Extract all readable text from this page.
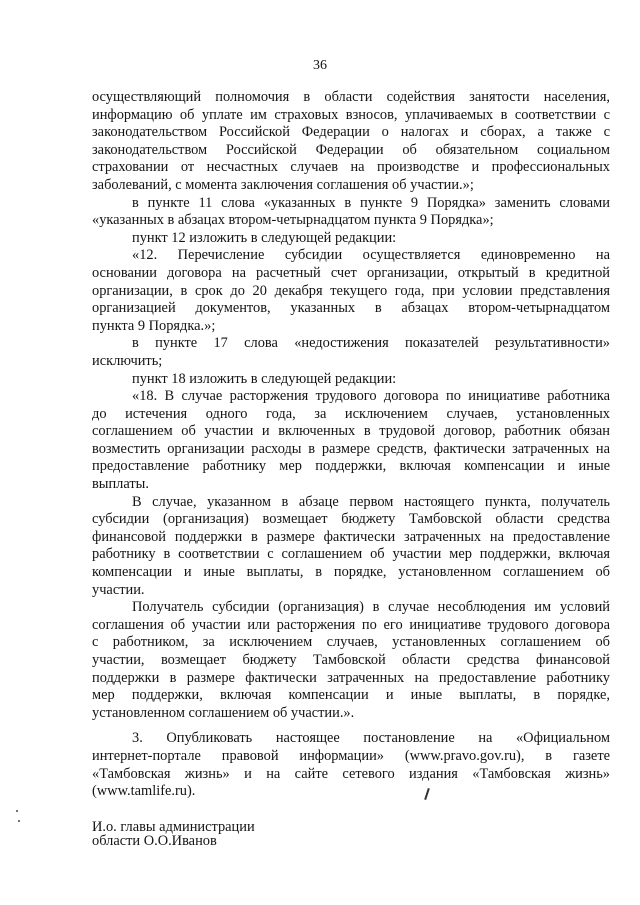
36
осуществляющий полномочия в области содействия занятости населения,
информацию об уплате им страховых взносов, уплачиваемых в соответствии с
законодательством Российской Федерации о налогах и сборах, а также с
законодательством Российской Федерации об обязательном социальном
страховании от несчастных случаев на производстве и профессиональных
заболеваний, с момента заключения соглашения об участии.»;
в пункте 11 слова «указанных в пункте 9 Порядка» заменить словами
«указанных в абзацах втором-четырнадцатом пункта 9 Порядка»;
пункт 12 изложить в следующей редакции:
«12. Перечисление субсидии осуществляется единовременно на
основании договора на расчетный счет организации, открытый в кредитной
организации, в срок до 20 декабря текущего года, при условии представления
организацией документов, указанных в абзацах втором-четырнадцатом
пункта 9 Порядка.»;
в пункте 17 слова «недостижения показателей результативности»
исключить;
пункт 18 изложить в следующей редакции:
«18. В случае расторжения трудового договора по инициативе работника
до истечения одного года, за исключением случаев, установленных
соглашением об участии и включенных в трудовой договор, работник обязан
возместить организации расходы в размере средств, фактически затраченных на
предоставление работнику мер поддержки, включая компенсации и иные
выплаты.
В случае, указанном в абзаце первом настоящего пункта, получатель
субсидии (организация) возмещает бюджету Тамбовской области средства
финансовой поддержки в размере фактически затраченных на предоставление
работнику в соответствии с соглашением об участии мер поддержки, включая
компенсации и иные выплаты, в порядке, установленном соглашением об
участии.
Получатель субсидии (организация) в случае несоблюдения им условий
соглашения об участии или расторжения по его инициативе трудового договора
с работником, за исключением случаев, установленных соглашением об
участии, возмещает бюджету Тамбовской области средства финансовой
поддержки в размере фактически затраченных на предоставление работнику
мер поддержки, включая компенсации и иные выплаты, в порядке,
установленном соглашением об участии.».
3. Опубликовать настоящее постановление на «Официальном
интернет-портале правовой информации» (www.pravo.gov.ru), в газете
«Тамбовская жизнь» и на сайте сетевого издания «Тамбовская жизнь»
(www.tamlife.ru).
И.о. главы администрации
области О.О.Иванов
